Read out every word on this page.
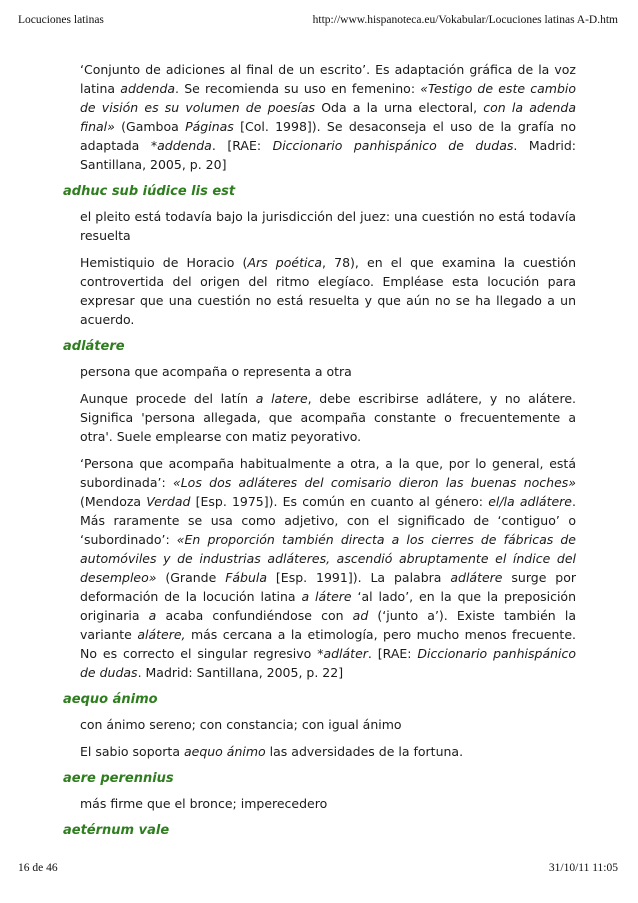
Locuciones latinas	http://www.hispanoteca.eu/Vokabular/Locuciones latinas A-D.htm

‘Conjunto de adiciones al final de un escrito’. Es adaptación gráfica de la voz latina addenda. Se recomienda su uso en femenino: «Testigo de este cambio de visión es su volumen de poesías Oda a la urna electoral, con la adenda final» (Gamboa Páginas [Col. 1998]). Se desaconseja el uso de la grafía no adaptada *addenda. [RAE: Diccionario panhispánico de dudas. Madrid: Santillana, 2005, p. 20]

adhuc sub iúdice lis est

el pleito está todavía bajo la jurisdicción del juez: una cuestión no está todavía resuelta

Hemistiquio de Horacio (Ars poética, 78), en el que examina la cuestión controvertida del origen del ritmo elegíaco. Empléase esta locución para expresar que una cuestión no está resuelta y que aún no se ha llegado a un acuerdo.

adlátere

persona que acompaña o representa a otra

Aunque procede del latín a latere, debe escribirse adlátere, y no alátere. Significa 'persona allegada, que acompaña constante o frecuentemente a otra'. Suele emplearse con matiz peyorativo.

‘Persona que acompaña habitualmente a otra, a la que, por lo general, está subordinada’: «Los dos adláteres del comisario dieron las buenas noches» (Mendoza Verdad [Esp. 1975]). Es común en cuanto al género: el/la adlátere. Más raramente se usa como adjetivo, con el significado de ‘contiguo’ o ‘subordinado’: «En proporción también directa a los cierres de fábricas de automóviles y de industrias adláteres, ascendió abruptamente el índice del desempleo» (Grande Fábula [Esp. 1991]). La palabra adlátere surge por deformación de la locución latina a látere ‘al lado’, en la que la preposición originaria a acaba confundiéndose con ad (‘junto a’). Existe también la variante alátere, más cercana a la etimología, pero mucho menos frecuente. No es correcto el singular regresivo *adláter. [RAE: Diccionario panhispánico de dudas. Madrid: Santillana, 2005, p. 22]

aequo ánimo

con ánimo sereno; con constancia; con igual ánimo

El sabio soporta aequo ánimo las adversidades de la fortuna.

aere perennius

más firme que el bronce; imperecedero

aetérnum vale

16 de 46	31/10/11 11:05
